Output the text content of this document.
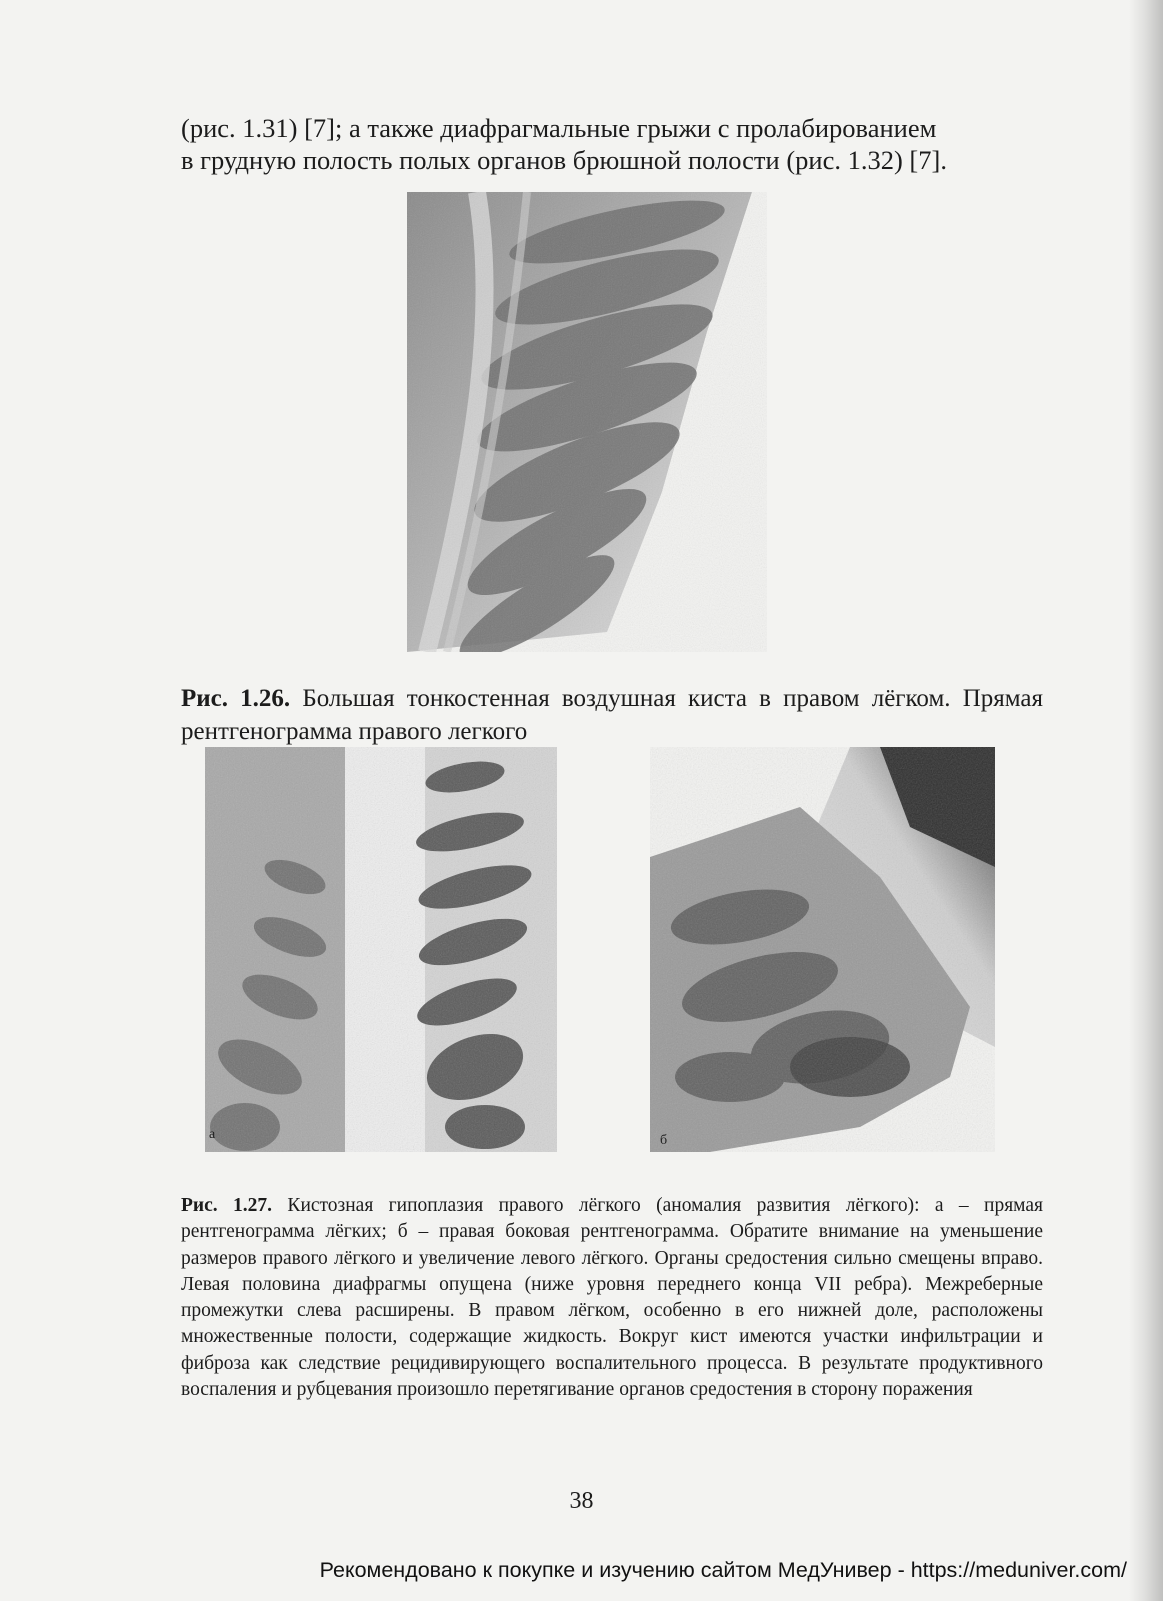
(рис. 1.31) [7]; а также диафрагмальные грыжи с пролабированием
в грудную полость полых органов брюшной полости (рис. 1.32) [7].
Рис. 1.26. Большая тонкостенная воздушная киста в правом лёгком. Прямая рентгенограмма правого легкого
а	б
Рис. 1.27. Кистозная гипоплазия правого лёгкого (аномалия развития лёгкого): а – прямая рентгенограмма лёгких; б – правая боковая рентгенограмма. Обратите внимание на уменьшение размеров правого лёгкого и увеличение левого лёгкого. Органы средостения сильно смещены вправо. Левая половина диафрагмы опущена (ниже уровня переднего конца VII ребра). Межреберные промежутки слева расширены. В правом лёгком, особенно в его нижней доле, расположены множественные полости, содержащие жидкость. Вокруг кист имеются участки инфильтрации и фиброза как следствие рецидивирующего воспалительного процесса. В результате продуктивного воспаления и рубцевания произошло перетягивание органов средостения в сторону поражения
38
Рекомендовано к покупке и изучению сайтом МедУнивер - https://meduniver.com/
